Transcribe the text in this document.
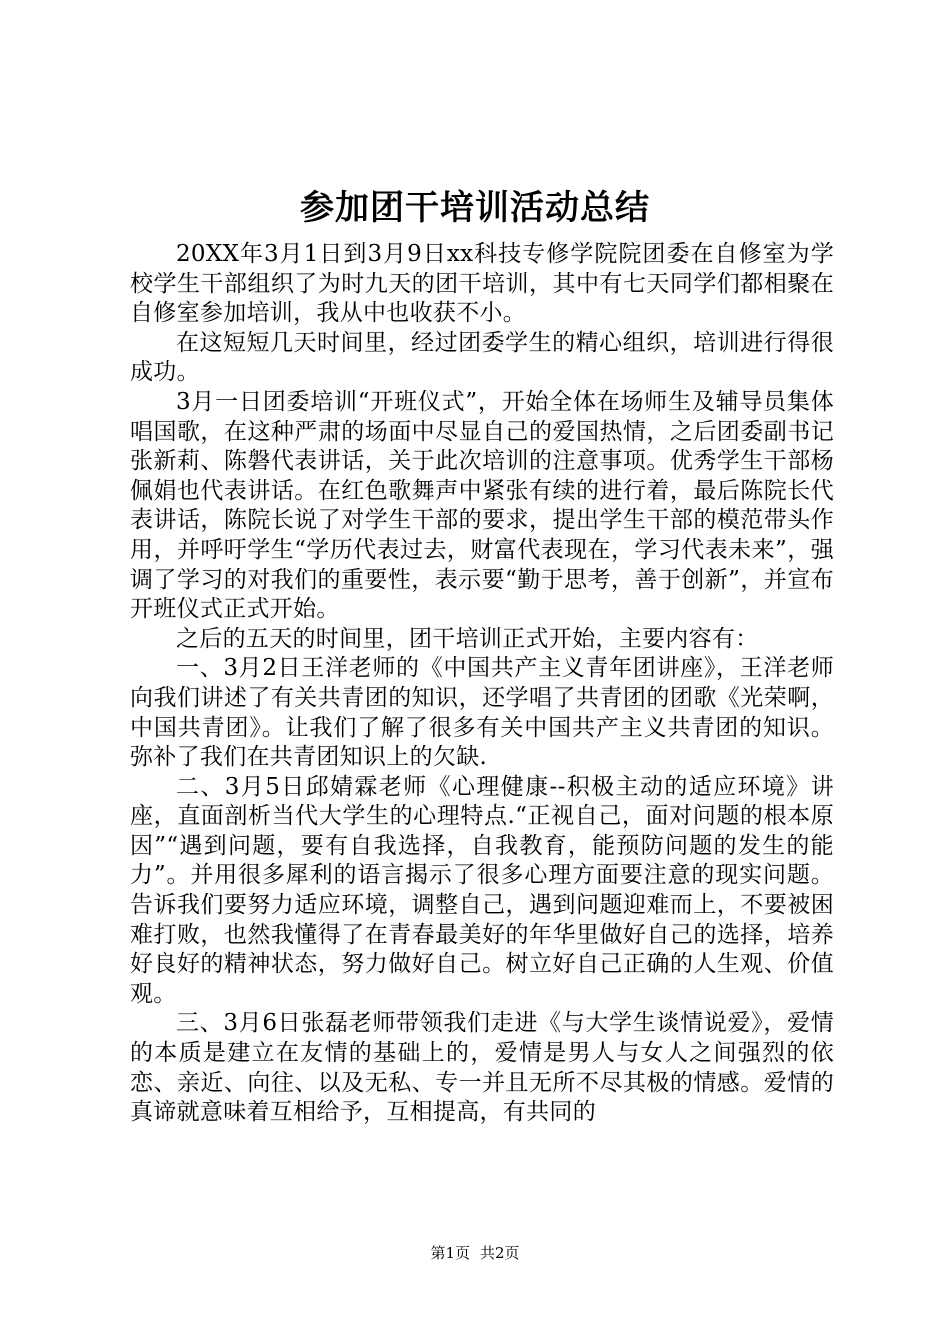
参加团干培训活动总结

20XX年3月1日到3月9日xx科技专修学院院团委在自修室为学校学生干部组织了为时九天的团干培训，其中有七天同学们都相聚在自修室参加培训，我从中也收获不小。

在这短短几天时间里，经过团委学生的精心组织，培训进行得很成功。

3月一日团委培训“开班仪式”，开始全体在场师生及辅导员集体唱国歌，在这种严肃的场面中尽显自己的爱国热情，之后团委副书记张新莉、陈磐代表讲话，关于此次培训的注意事项。优秀学生干部杨佩娟也代表讲话。在红色歌舞声中紧张有续的进行着，最后陈院长代表讲话，陈院长说了对学生干部的要求，提出学生干部的模范带头作用，并呼吁学生“学历代表过去，财富代表现在，学习代表未来”，强调了学习的对我们的重要性，表示要“勤于思考，善于创新”，并宣布开班仪式正式开始。

之后的五天的时间里，团干培训正式开始，主要内容有：

一、3月2日王洋老师的《中国共产主义青年团讲座》，王洋老师向我们讲述了有关共青团的知识，还学唱了共青团的团歌《光荣啊，中国共青团》。让我们了解了很多有关中国共产主义共青团的知识。弥补了我们在共青团知识上的欠缺.

二、3月5日邱婧霖老师《心理健康--积极主动的适应环境》讲座，直面剖析当代大学生的心理特点.“正视自己，面对问题的根本原因”“遇到问题，要有自我选择，自我教育，能预防问题的发生的能力”。并用很多犀利的语言揭示了很多心理方面要注意的现实问题。告诉我们要努力适应环境，调整自己，遇到问题迎难而上，不要被困难打败，也然我懂得了在青春最美好的年华里做好自己的选择，培养好良好的精神状态，努力做好自己。树立好自己正确的人生观、价值观。

三、3月6日张磊老师带领我们走进《与大学生谈情说爱》，爱情的本质是建立在友情的基础上的，爱情是男人与女人之间强烈的依恋、亲近、向往、以及无私、专一并且无所不尽其极的情感。爱情的真谛就意味着互相给予，互相提高，有共同的

第1页 共2页
